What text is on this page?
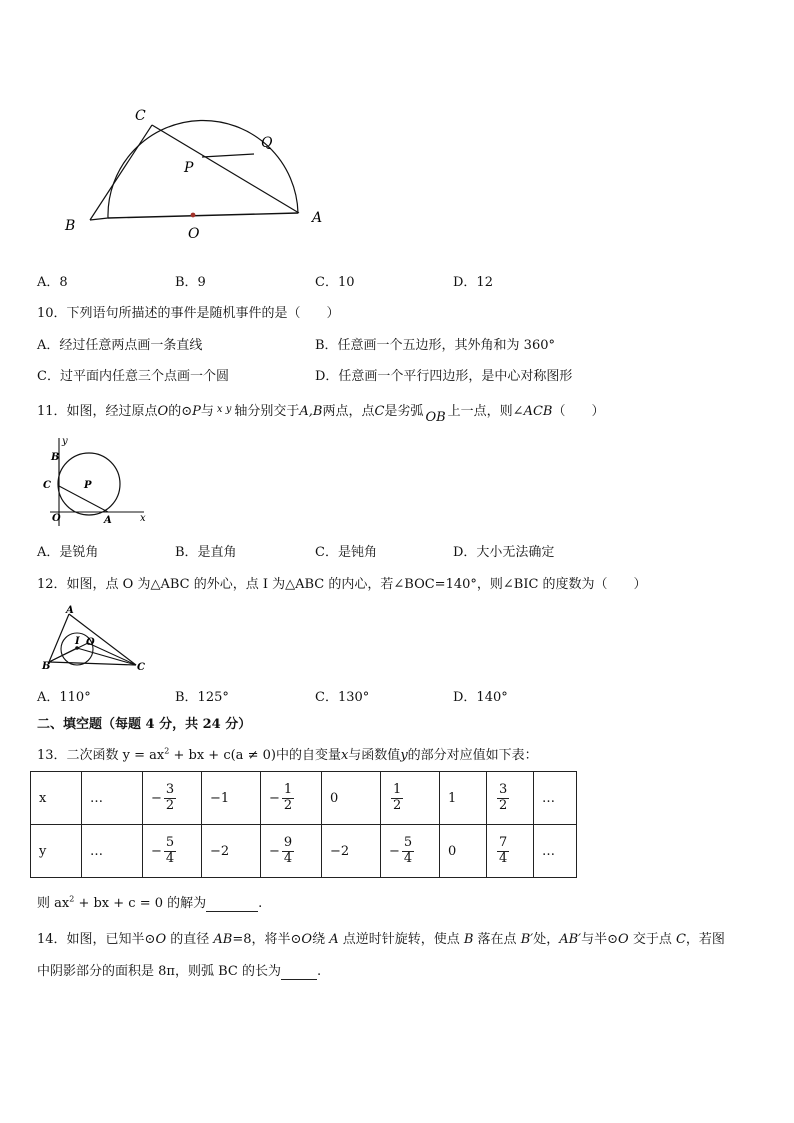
C
Q
P
B	A
O
A．8	B．9	C．10	D．12
10．下列语句所描述的事件是随机事件的是（　　）
A．经过任意两点画一条直线	B．任意画一个五边形，其外角和为 360°
C．过平面内任意三个点画一个圆	D．任意画一个平行四边形，是中心对称图形
11．如图，经过原点O的⊙P与 $^{x y}$ 轴分别交于A,B两点，点C是劣弧 OB 上一点，则∠ACB（　　）
y
B
C	P
O	A	x
A．是锐角	B．是直角	C．是钝角	D．大小无法确定
12．如图，点 O 为△ABC 的外心，点 I 为△ABC 的内心，若∠BOC=140°，则∠BIC 的度数为（　　）
A
I O
B	C
A．110°	B．125°	C．130°	D．140°
二、填空题（每题 4 分，共 24 分）
13．二次函数 $y = ax^2$ + bx + c(a ≠ 0)中的自变量x与函数值y的部分对应值如下表：
x	…	− $\frac{3}{2}$	−1	− $\frac{1}{2}$	0	$\frac{1}{2}$	1	$\frac{3}{2}$	…
y	…	− $\frac{5}{4}$	−2	− $\frac{9}{4}$	−2	− $\frac{5}{4}$	0	$\frac{7}{4}$	…
则 $ax^2$ + bx + c = 0 的解为	.
14．如图，已知半⊙O 的直径 AB=8，将半⊙O绕 A 点逆时针旋转，使点 B 落在点 B′处，AB′与半⊙O 交于点 C，若图
中阴影部分的面积是 8π，则弧 BC 的长为	.
